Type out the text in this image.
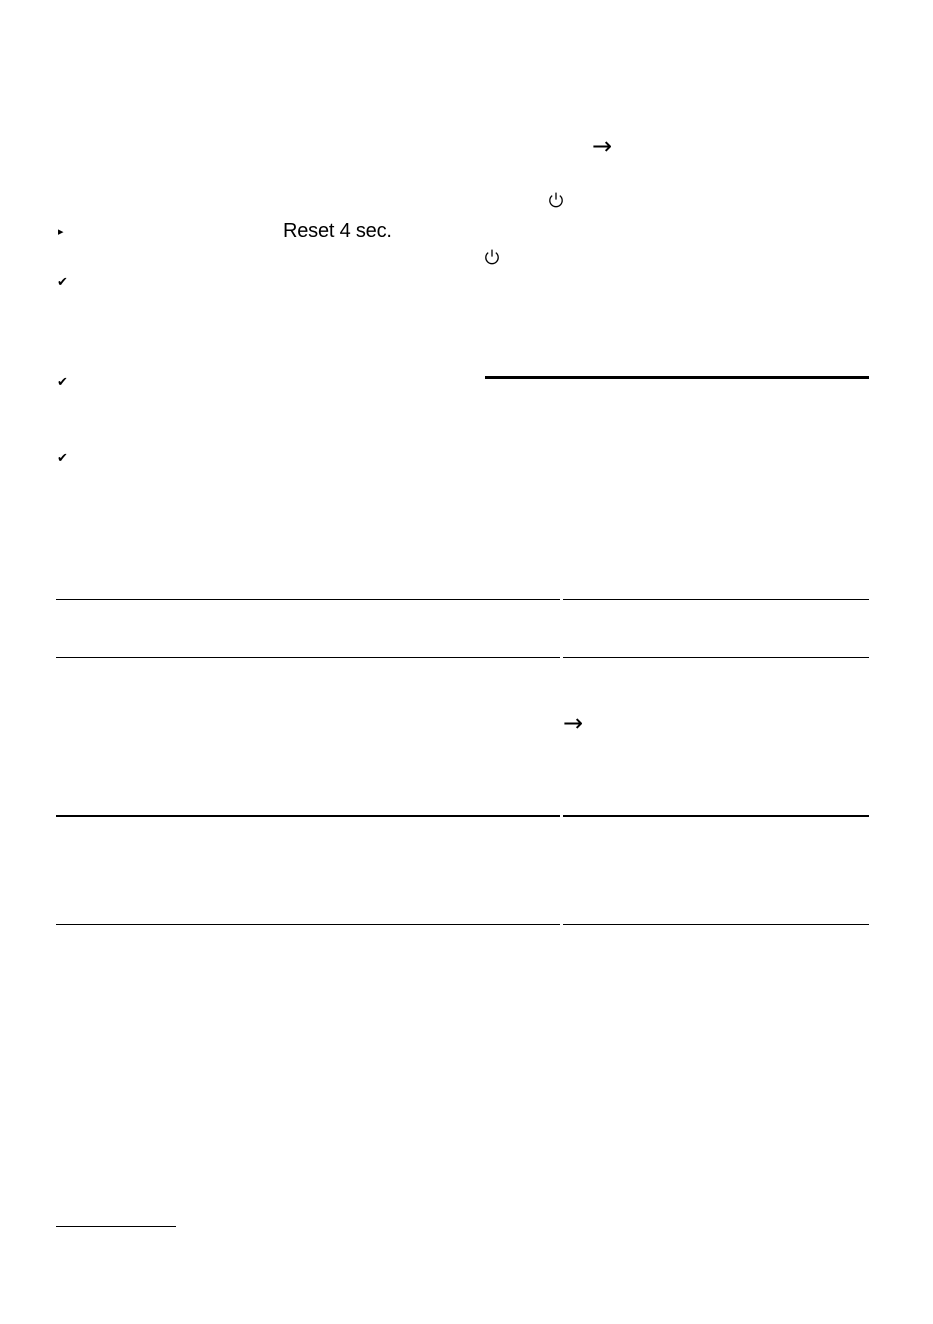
→
▸	Reset 4 sec.
✔
✔
✔
→
